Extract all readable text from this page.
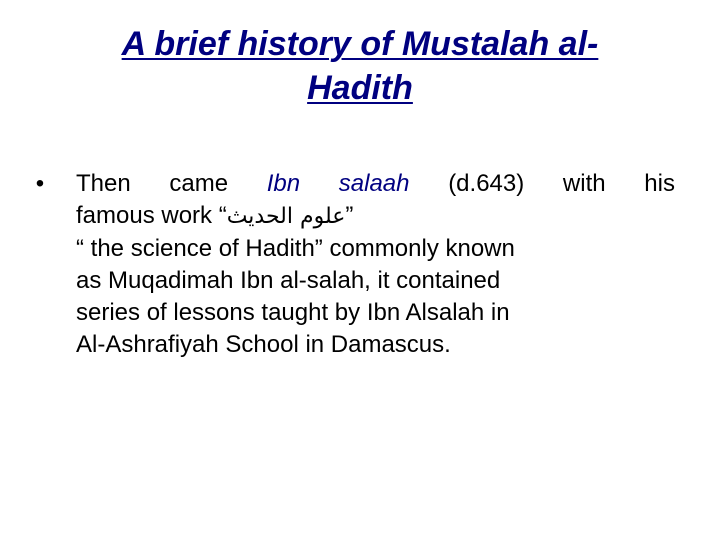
A brief history of Mustalah al-
Hadith
• Then came Ibn salaah (d.643) with his
famous work “علوم الحديث”
“ the science of Hadith” commonly known
as Muqadimah Ibn al-salah, it contained
series of lessons taught by Ibn Alsalah in
Al-Ashrafiyah School in Damascus.
